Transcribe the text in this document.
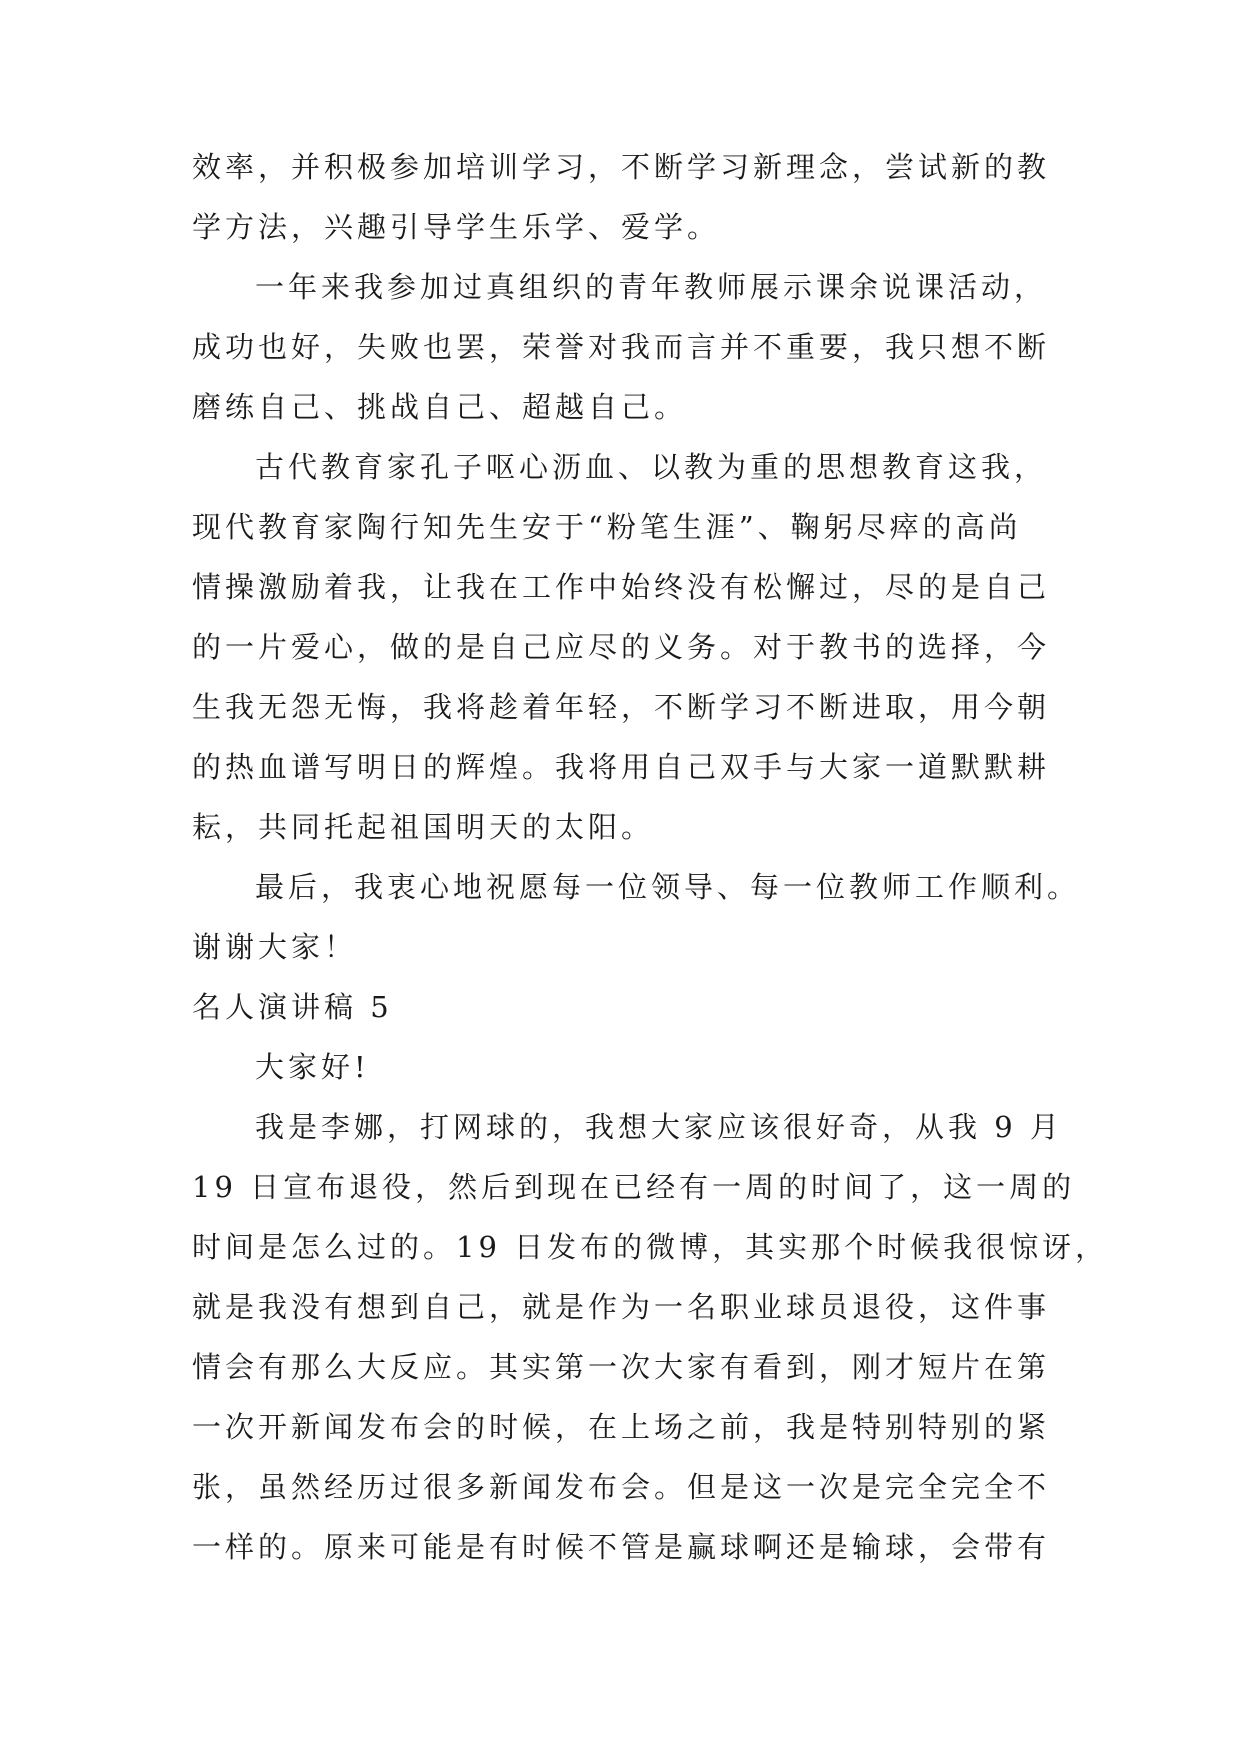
效率，并积极参加培训学习，不断学习新理念，尝试新的教
学方法，兴趣引导学生乐学、爱学。
一年来我参加过真组织的青年教师展示课余说课活动，
成功也好，失败也罢，荣誉对我而言并不重要，我只想不断
磨练自己、挑战自己、超越自己。
古代教育家孔子呕心沥血、以教为重的思想教育这我，
现代教育家陶行知先生安于“粉笔生涯”、鞠躬尽瘁的高尚
情操激励着我，让我在工作中始终没有松懈过，尽的是自己
的一片爱心，做的是自己应尽的义务。对于教书的选择，今
生我无怨无悔，我将趁着年轻，不断学习不断进取，用今朝
的热血谱写明日的辉煌。我将用自己双手与大家一道默默耕
耘，共同托起祖国明天的太阳。
最后，我衷心地祝愿每一位领导、每一位教师工作顺利。
谢谢大家！
名人演讲稿 5
大家好!
我是李娜，打网球的，我想大家应该很好奇，从我 9 月
19 日宣布退役，然后到现在已经有一周的时间了，这一周的
时间是怎么过的。19 日发布的微博，其实那个时候我很惊讶，
就是我没有想到自己，就是作为一名职业球员退役，这件事
情会有那么大反应。其实第一次大家有看到，刚才短片在第
一次开新闻发布会的时候，在上场之前，我是特别特别的紧
张，虽然经历过很多新闻发布会。但是这一次是完全完全不
一样的。原来可能是有时候不管是赢球啊还是输球，会带有
